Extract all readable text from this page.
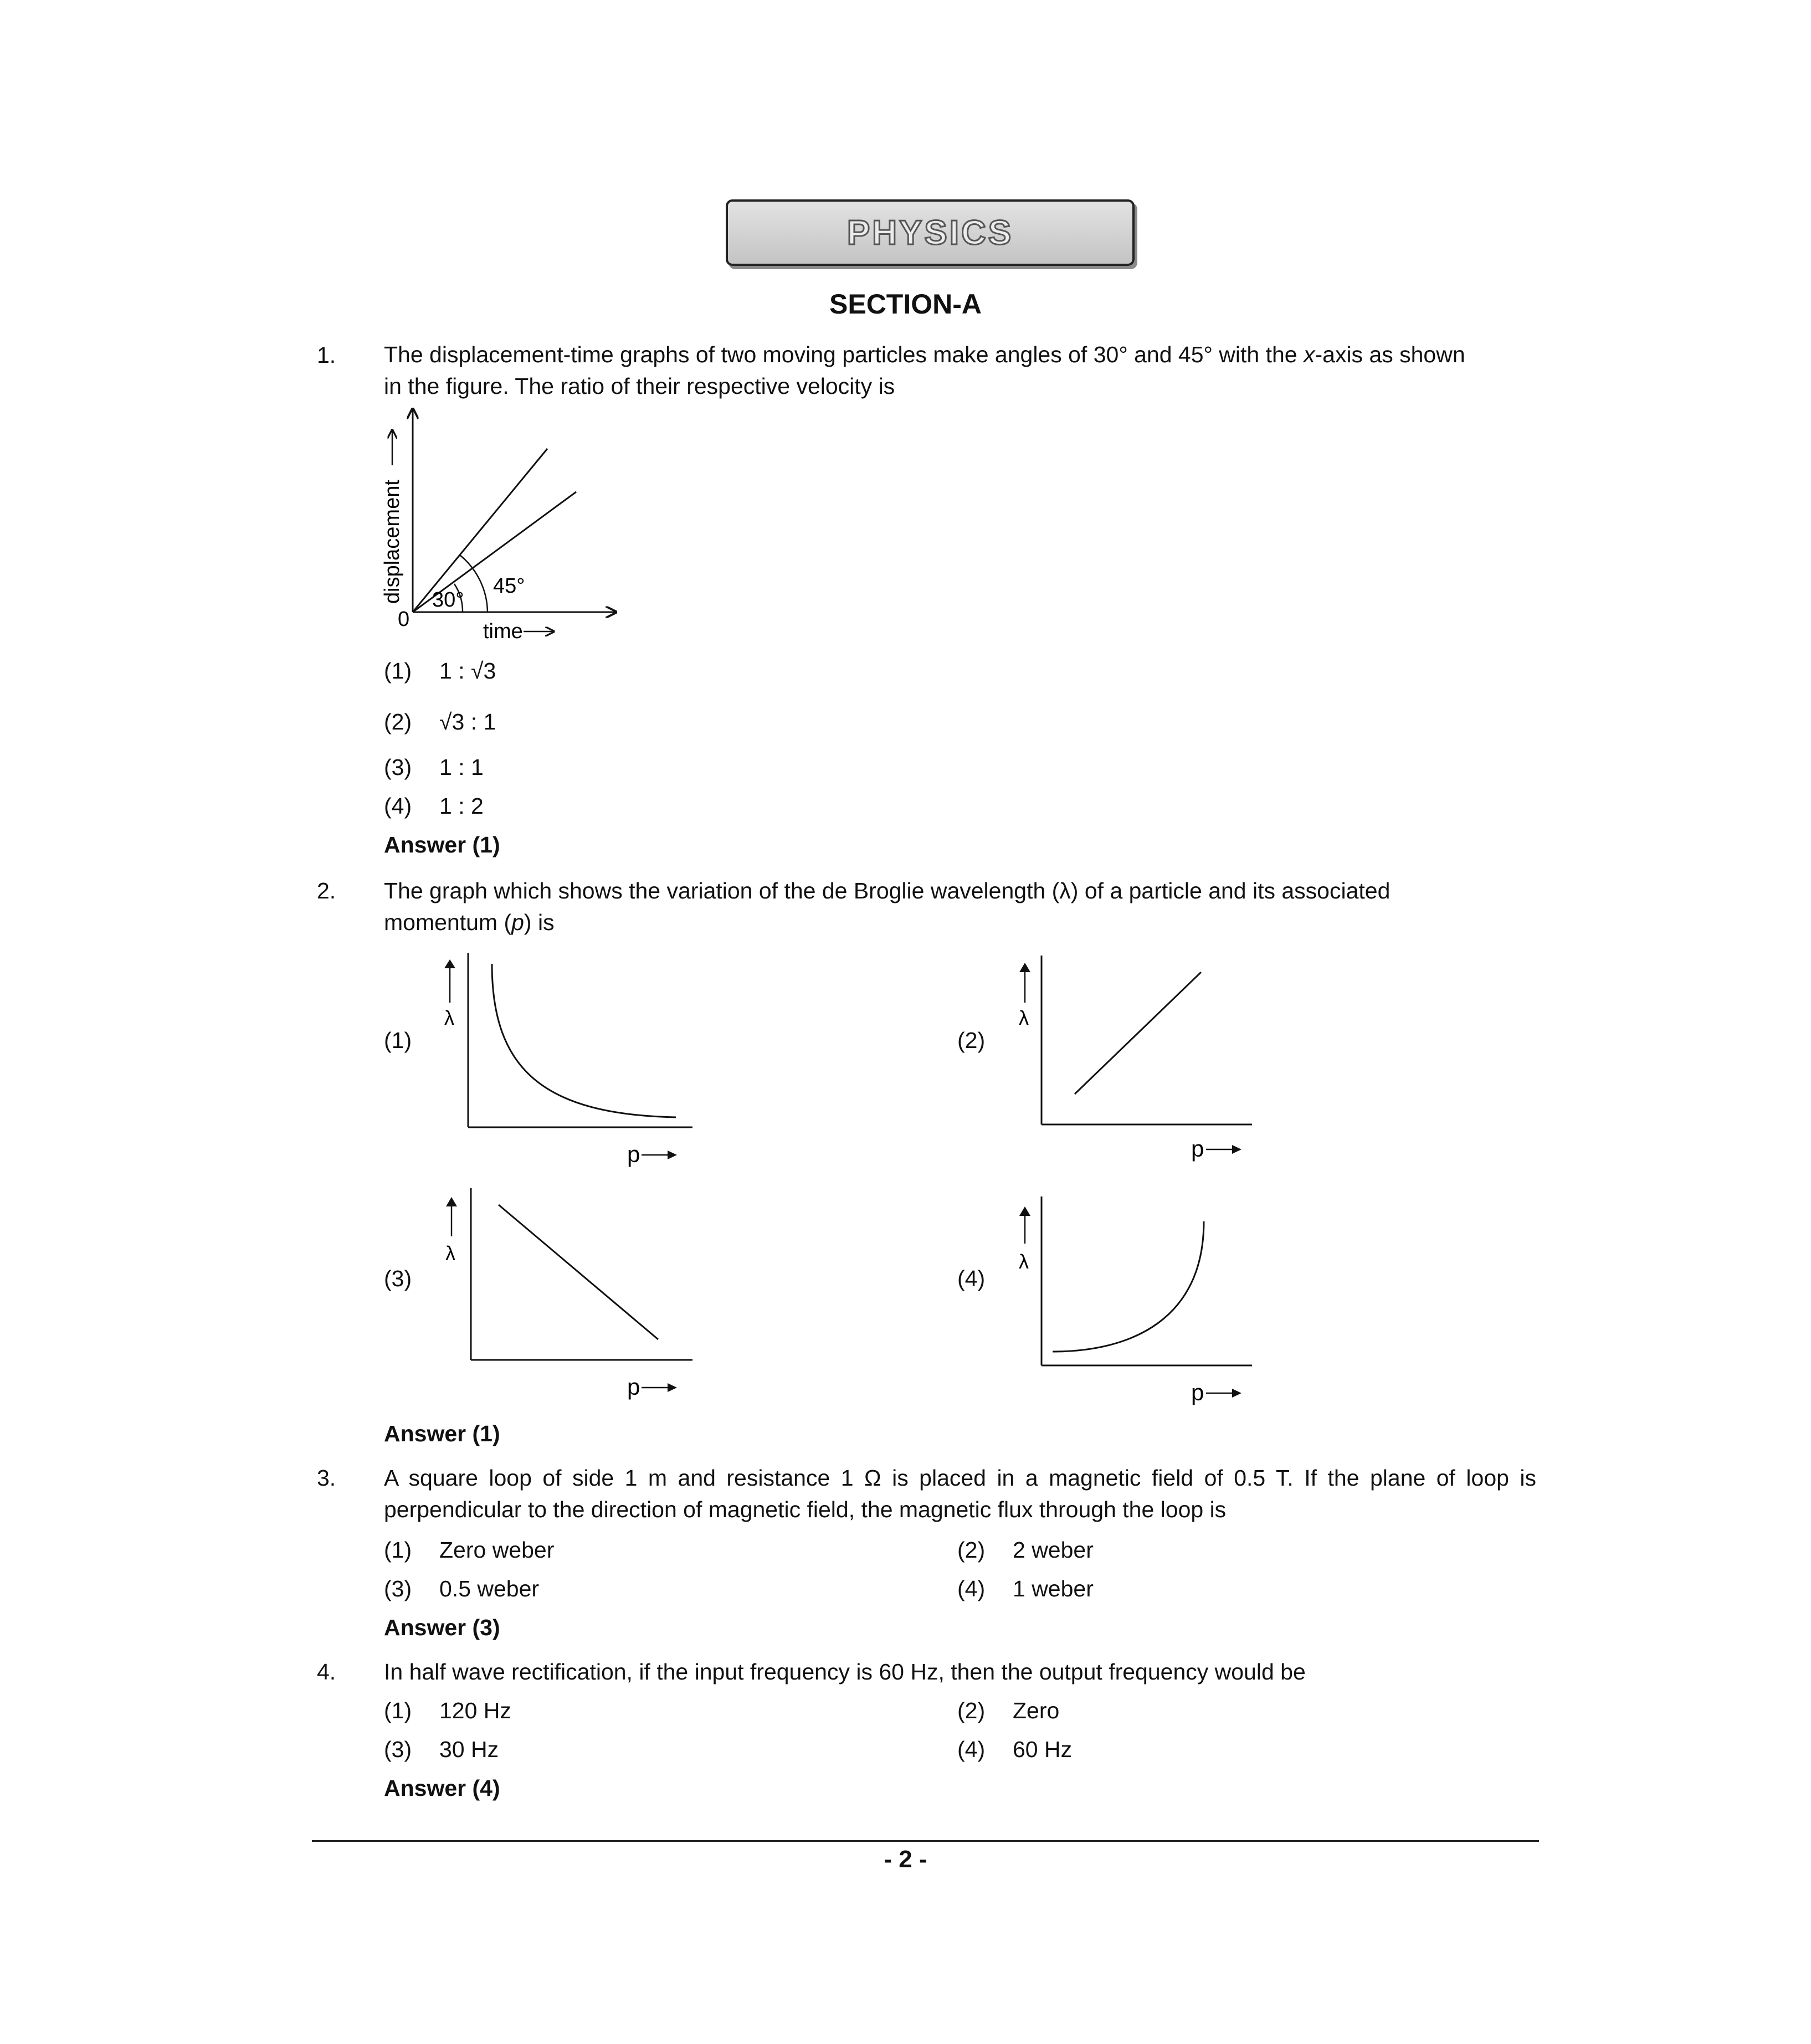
PHYSICS
SECTION-A
1. The displacement-time graphs of two moving particles make angles of 30° and 45° with the x-axis as shown
in the figure. The ratio of their respective velocity is
30°
45°
0
time
displacement
(1) 1 : √3
(2) √3 : 1
(3) 1 : 1
(4) 1 : 2
Answer (1)
2. The graph which shows the variation of the de Broglie wavelength (λ) of a particle and its associated
momentum (p) is
(1)
λ
p
(2)
λ
p
(3)
λ
p
(4)
λ
p
Answer (1)
3. A square loop of side 1 m and resistance 1 Ω is placed in a magnetic field of 0.5 T. If the plane of loop is perpendicular to the direction of magnetic field, the magnetic flux through the loop is
(1) Zero weber	(2) 2 weber
(3) 0.5 weber	(4) 1 weber
Answer (3)
4. In half wave rectification, if the input frequency is 60 Hz, then the output frequency would be
(1) 120 Hz	(2) Zero
(3) 30 Hz	(4) 60 Hz
Answer (4)
- 2 -
